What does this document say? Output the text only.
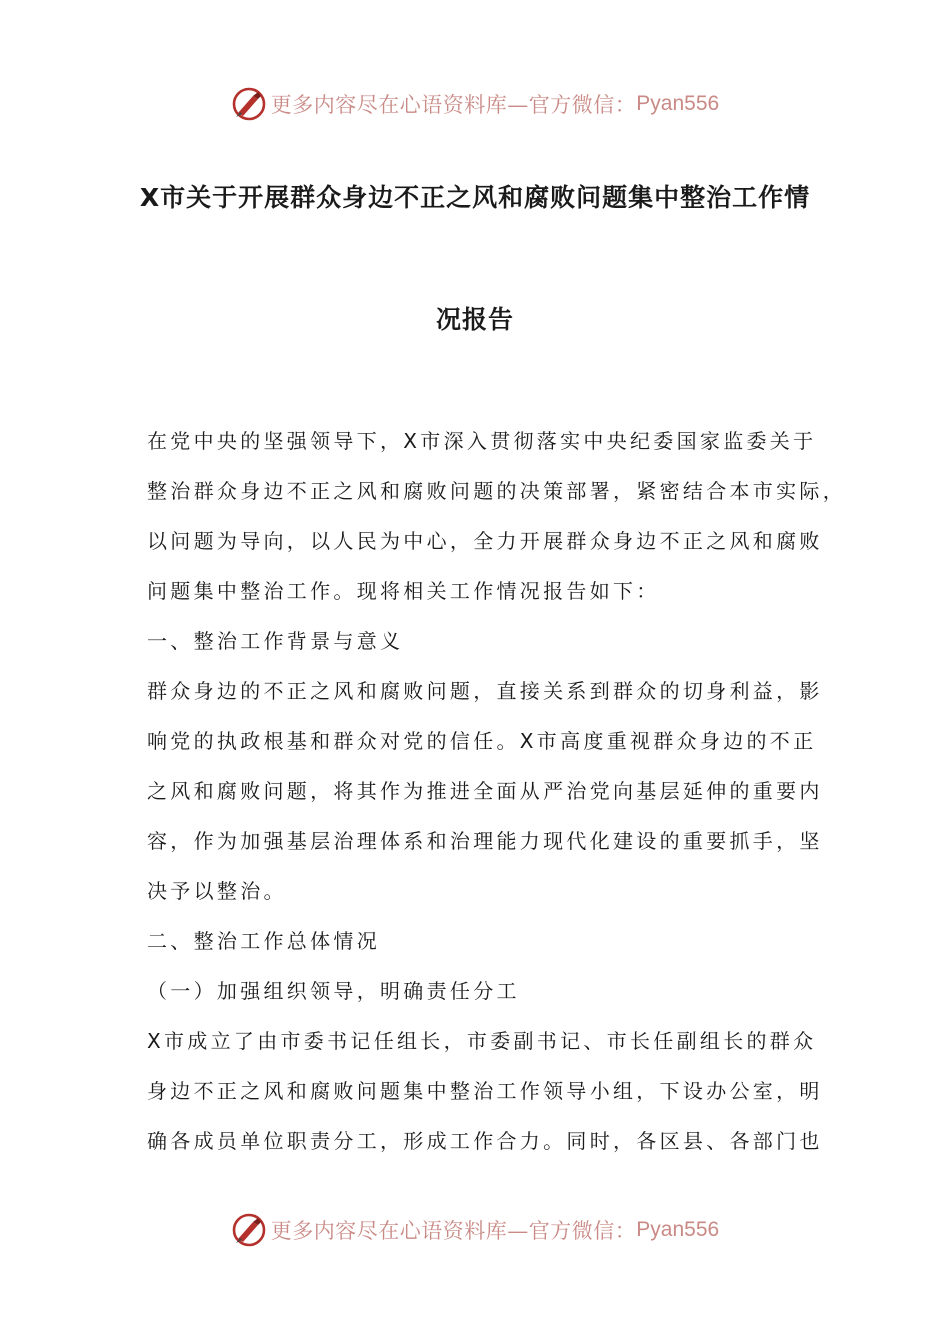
更多内容尽在心语资料库—官方微信： Pyan556
X市关于开展群众身边不正之风和腐败问题集中整治工作情
况报告
在党中央的坚强领导下，X市深入贯彻落实中央纪委国家监委关于
整治群众身边不正之风和腐败问题的决策部署，紧密结合本市实际，
以问题为导向，以人民为中心，全力开展群众身边不正之风和腐败
问题集中整治工作。现将相关工作情况报告如下：
一、整治工作背景与意义
群众身边的不正之风和腐败问题，直接关系到群众的切身利益，影
响党的执政根基和群众对党的信任。X市高度重视群众身边的不正
之风和腐败问题，将其作为推进全面从严治党向基层延伸的重要内
容，作为加强基层治理体系和治理能力现代化建设的重要抓手，坚
决予以整治。
二、整治工作总体情况
（一）加强组织领导，明确责任分工
X市成立了由市委书记任组长，市委副书记、市长任副组长的群众
身边不正之风和腐败问题集中整治工作领导小组，下设办公室，明
确各成员单位职责分工，形成工作合力。同时，各区县、各部门也
更多内容尽在心语资料库—官方微信： Pyan556
